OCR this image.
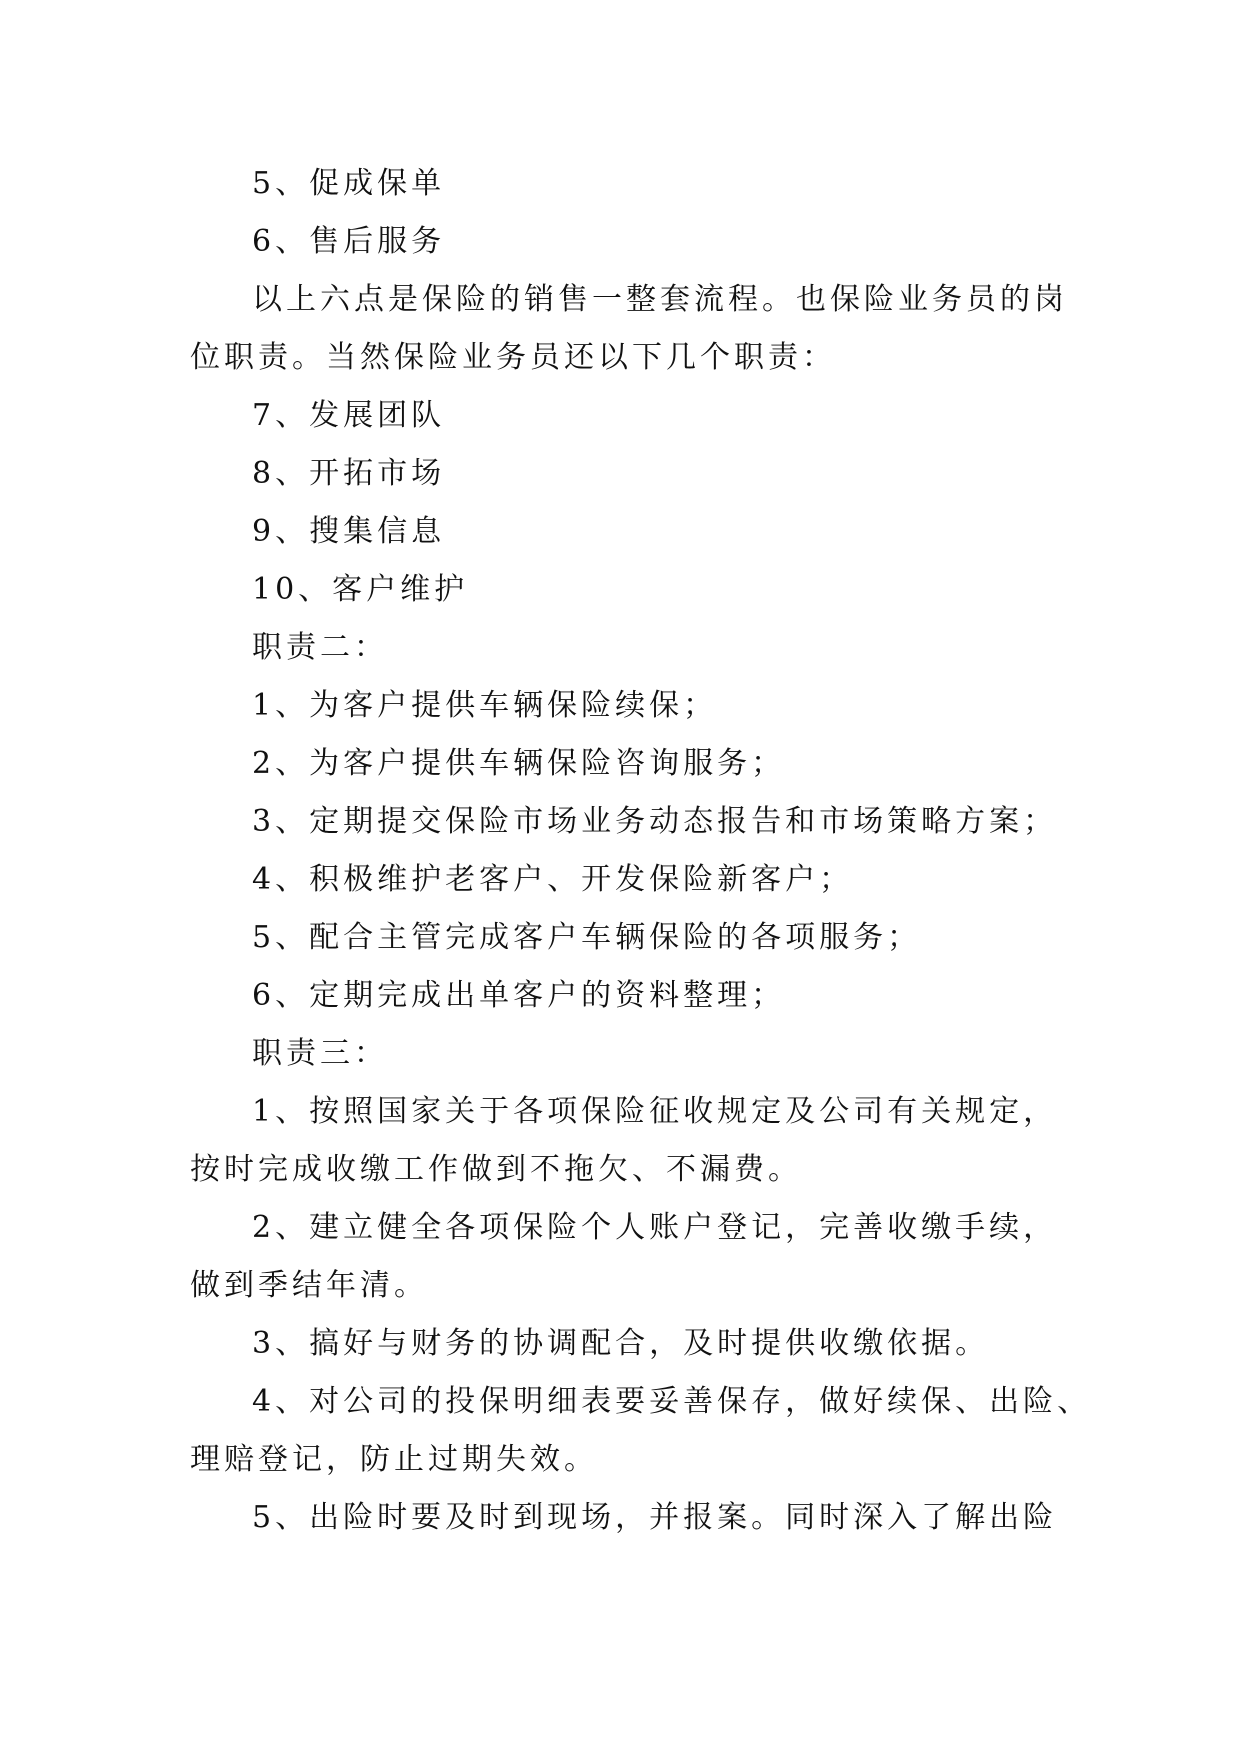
5、促成保单
6、售后服务
以上六点是保险的销售一整套流程。也保险业务员的岗
位职责。当然保险业务员还以下几个职责：
7、发展团队
8、开拓市场
9、搜集信息
10、客户维护
职责二：
1、为客户提供车辆保险续保；
2、为客户提供车辆保险咨询服务；
3、定期提交保险市场业务动态报告和市场策略方案；
4、积极维护老客户、开发保险新客户；
5、配合主管完成客户车辆保险的各项服务；
6、定期完成出单客户的资料整理；
职责三：
1、按照国家关于各项保险征收规定及公司有关规定，
按时完成收缴工作做到不拖欠、不漏费。
2、建立健全各项保险个人账户登记，完善收缴手续，
做到季结年清。
3、搞好与财务的协调配合，及时提供收缴依据。
4、对公司的投保明细表要妥善保存，做好续保、出险、
理赔登记，防止过期失效。
5、出险时要及时到现场，并报案。同时深入了解出险
